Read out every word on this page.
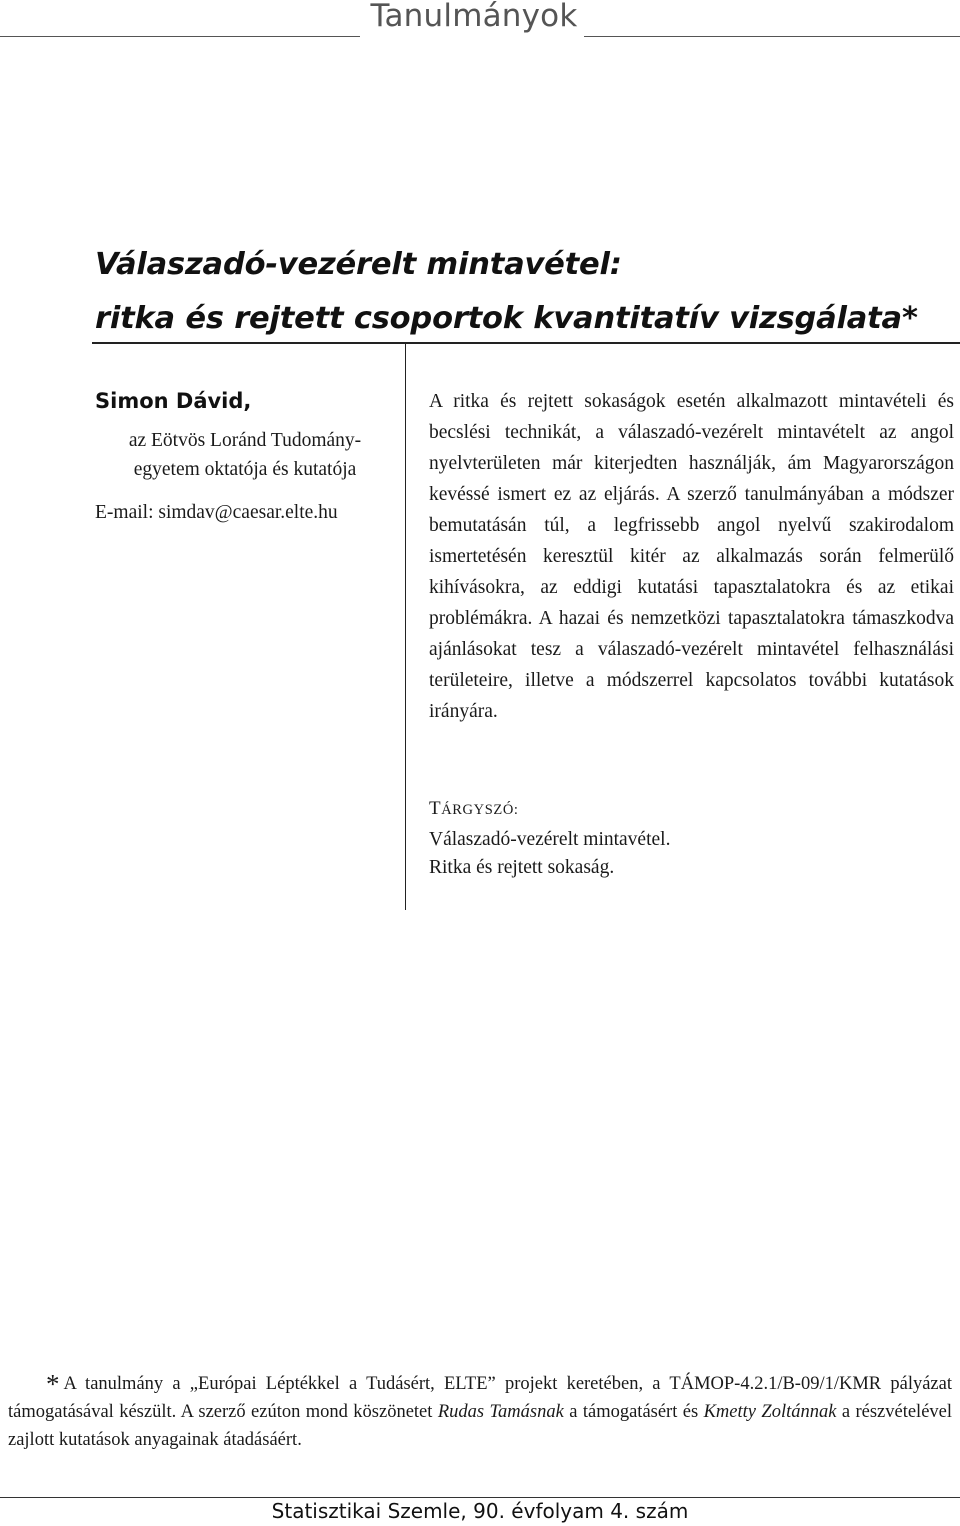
Tanulmányok
Válaszadó-vezérelt mintavétel:
ritka és rejtett csoportok kvantitatív vizsgálata*
Simon Dávid,
az Eötvös Loránd Tudomány-
egyetem oktatója és kutatója
E-mail: simdav@caesar.elte.hu

A ritka és rejtett sokaságok esetén alkalmazott mintavételi és becslési technikát, a válaszadó-vezérelt mintavételt az angol nyelvterületen már kiterjedten használják, ám Magyarországon kevéssé ismert ez az eljárás. A szerző tanulmányában a módszer bemutatásán túl, a legfrissebb angol nyelvű szakirodalom ismertetésén keresztül kitér az alkalmazás során felmerülő kihívásokra, az eddigi kutatási tapasztalatokra és az etikai problémákra. A hazai és nemzetközi tapasztalatokra támaszkodva ajánlásokat tesz a válaszadó-vezérelt mintavétel felhasználási területeire, illetve a módszerrel kapcsolatos további kutatások irányára.

TÁRGYSZÓ:
Válaszadó-vezérelt mintavétel.
Ritka és rejtett sokaság.

* A tanulmány a „Európai Léptékkel a Tudásért, ELTE” projekt keretében, a TÁMOP-4.2.1/B-09/1/KMR pályázat támogatásával készült. A szerző ezúton mond köszönetet Rudas Tamásnak a támogatásért és Kmetty Zoltánnak a részvételével zajlott kutatások anyagainak átadásáért.

Statisztikai Szemle, 90. évfolyam 4. szám
